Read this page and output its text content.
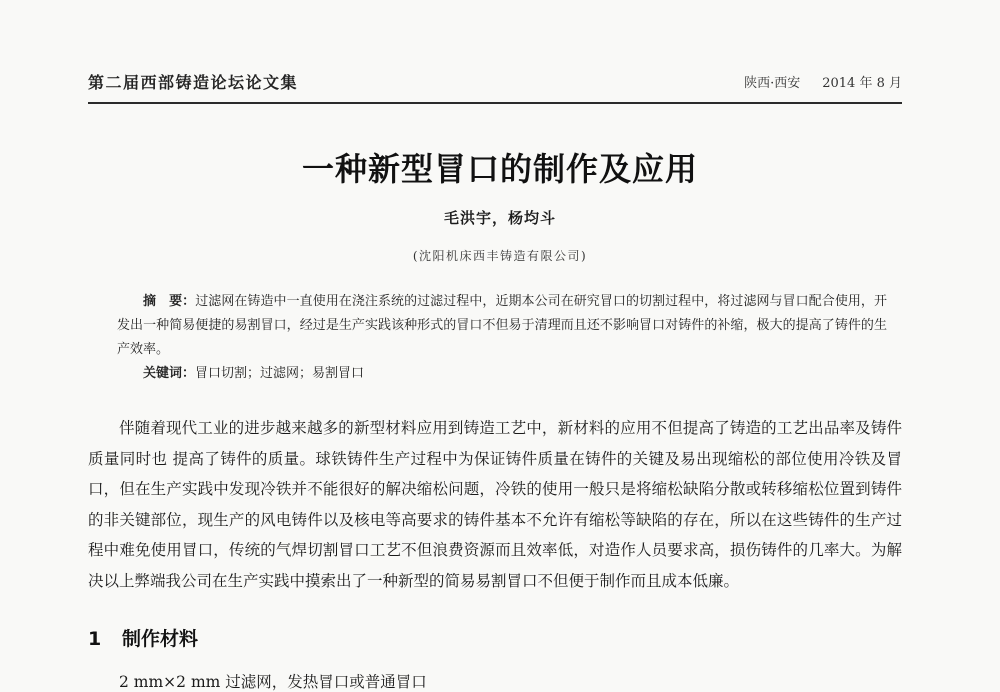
第二届西部铸造论坛论文集	陕西·西安 2014 年 8 月
一种新型冒口的制作及应用
毛洪宇，杨均斗
(沈阳机床西丰铸造有限公司)

摘　要：过滤网在铸造中一直使用在浇注系统的过滤过程中，近期本公司在研究冒口的切割过程中，将过滤网与冒口配合使用，开发出一种简易便捷的易割冒口，经过是生产实践该种形式的冒口不但易于清理而且还不影响冒口对铸件的补缩，极大的提高了铸件的生产效率。

关键词：冒口切割；过滤网；易割冒口

伴随着现代工业的进步越来越多的新型材料应用到铸造工艺中，新材料的应用不但提高了铸造的工艺出品率及铸件质量同时也 提高了铸件的质量。球铁铸件生产过程中为保证铸件质量在铸件的关键及易出现缩松的部位使用冷铁及冒口，但在生产实践中发现冷铁并不能很好的解决缩松问题，冷铁的使用一般只是将缩松缺陷分散或转移缩松位置到铸件的非关键部位，现生产的风电铸件以及核电等高要求的铸件基本不允许有缩松等缺陷的存在，所以在这些铸件的生产过程中难免使用冒口，传统的气焊切割冒口工艺不但浪费资源而且效率低，对造作人员要求高，损伤铸件的几率大。为解决以上弊端我公司在生产实践中摸索出了一种新型的简易易割冒口不但便于制作而且成本低廉。

1 制作材料
2 mm×2 mm 过滤网，发热冒口或普通冒口
